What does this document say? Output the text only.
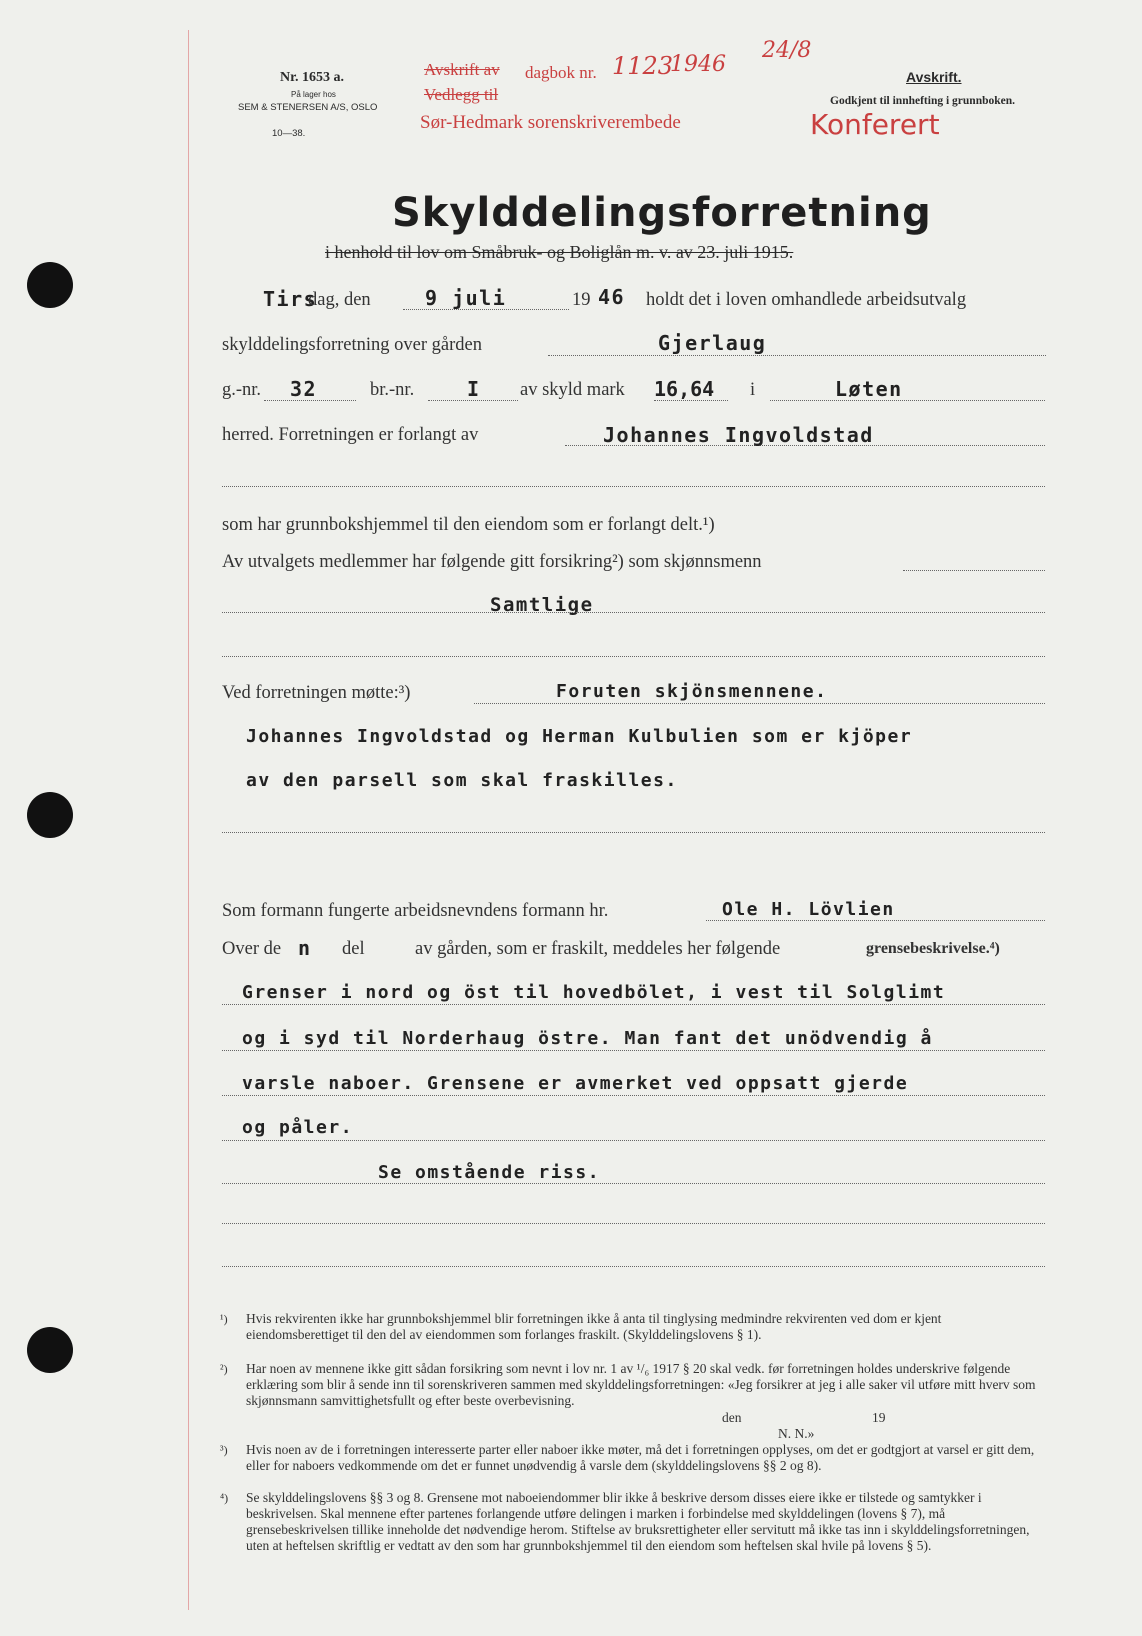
Nr. 1653 a.
På lager hos
SEM & STENERSEN A/S, OSLO
10—38.
Avskrift av
Vedlegg til
dagbok nr. 1123
1946
24/8
Sør-Hedmark sorenskriverembede
Avskrift.
Godkjent til innhefting i grunnboken.
Konferert
Skylddelingsforretning
i henhold til lov om Småbruk- og Boliglån m. v. av 23. juli 1915.
Tirs
dag, den	9 juli	19 46 holdt det i loven omhandlede arbeidsutvalg
skylddelingsforretning over gården	Gjerlaug
g.-nr. 32	br.-nr.	I av skyld mark 16,64 i	Løten
herred. Forretningen er forlangt av	Johannes Ingvoldstad
som har grunnbokshjemmel til den eiendom som er forlangt delt.¹)
Av utvalgets medlemmer har følgende gitt forsikring²) som skjønnsmenn
Samtlige
Ved forretningen møtte:³)	Foruten skjönsmennene.
Johannes Ingvoldstad og Herman Kulbulien som er kjöper
av den parsell som skal fraskilles.
Som formann fungerte arbeidsnevndens formann hr.	Ole H. Lövlien
Over de n del	av gården, som er fraskilt, meddeles her følgende	grensebeskrivelse.⁴)
Grenser i nord og öst til hovedbölet, i vest til Solglimt
og i syd til Norderhaug östre. Man fant det unödvendig å
varsle naboer. Grensene er avmerket ved oppsatt gjerde
og påler.
Se omstående riss.
¹) Hvis rekvirenten ikke har grunnbokshjemmel blir forretningen ikke å anta til tinglysing medmindre rekvirenten ved dom er kjent eiendomsberettiget til den del av eiendommen som forlanges fraskilt. (Skylddelingslovens § 1).
²) Har noen av mennene ikke gitt sådan forsikring som nevnt i lov nr. 1 av ¹/₆ 1917 § 20 skal vedk. før forretningen holdes underskrive følgende erklæring som blir å sende inn til sorenskriveren sammen med skylddelingsforretningen: «Jeg forsikrer at jeg i alle saker vil utføre mitt hverv som skjønnsmann samvittighetsfullt og efter beste overbevisning.
den	19
N. N.»
³) Hvis noen av de i forretningen interesserte parter eller naboer ikke møter, må det i forretningen opplyses, om det er godtgjort at varsel er gitt dem, eller for naboers vedkommende om det er funnet unødvendig å varsle dem (skylddelingslovens §§ 2 og 8).
⁴) Se skylddelingslovens §§ 3 og 8. Grensene mot naboeiendommer blir ikke å beskrive dersom disses eiere ikke er tilstede og samtykker i beskrivelsen. Skal mennene efter partenes forlangende utføre delingen i marken i forbindelse med skylddelingen (lovens § 7), må grensebeskrivelsen tillike inneholde det nødvendige herom. Stiftelse av bruksrettigheter eller servitutt må ikke tas inn i skylddelingsforretningen, uten at heftelsen skriftlig er vedtatt av den som har grunnbokshjemmel til den eiendom som heftelsen skal hvile på lovens § 5).
